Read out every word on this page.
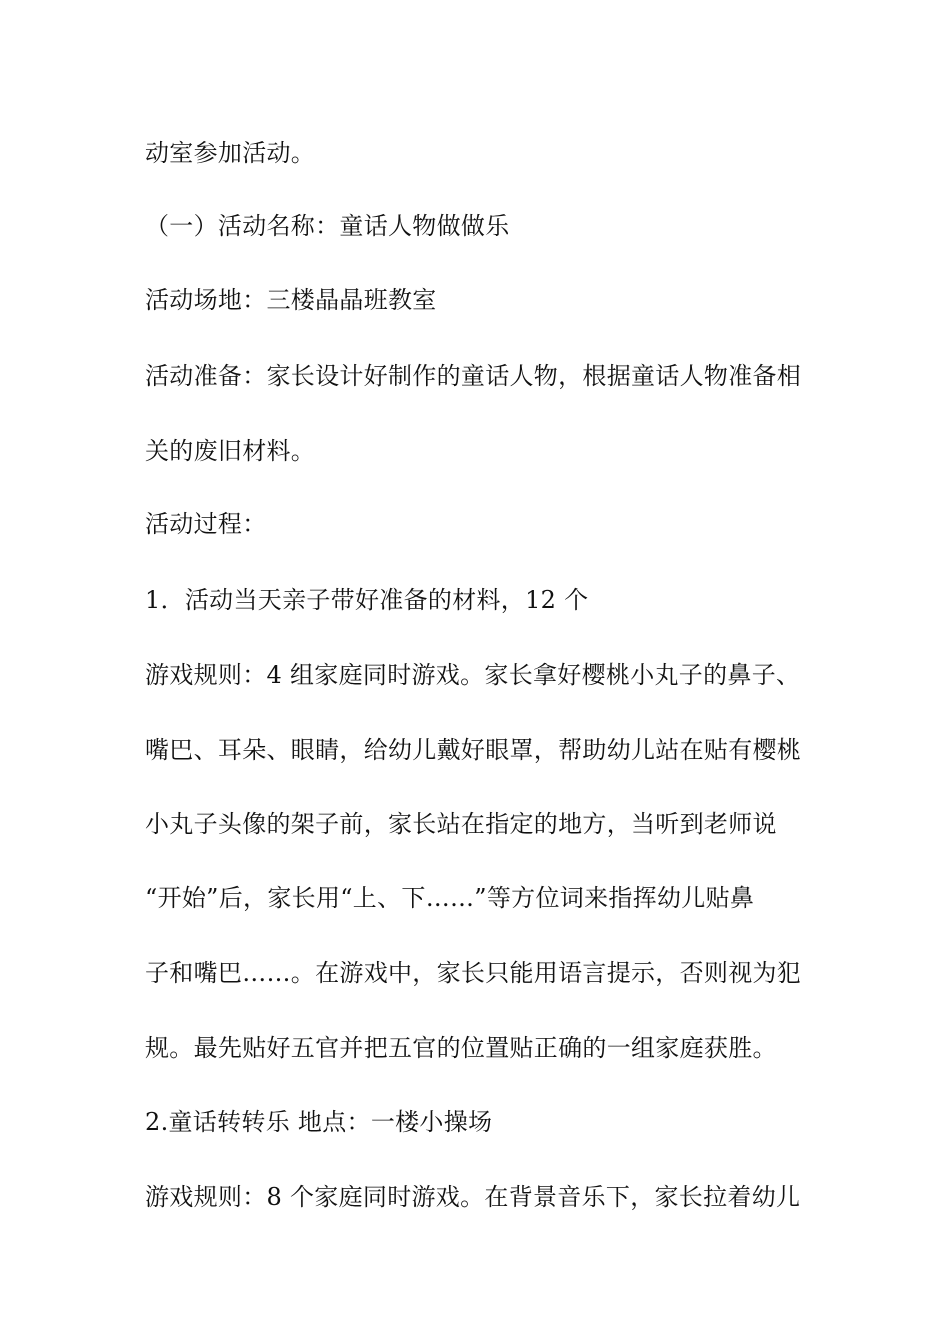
动室参加活动。
（一）活动名称：童话人物做做乐
活动场地：三楼晶晶班教室
活动准备：家长设计好制作的童话人物，根据童话人物准备相
关的废旧材料。
活动过程：
1．活动当天亲子带好准备的材料，12 个
游戏规则：4 组家庭同时游戏。家长拿好樱桃小丸子的鼻子、
嘴巴、耳朵、眼睛，给幼儿戴好眼罩，帮助幼儿站在贴有樱桃
小丸子头像的架子前，家长站在指定的地方，当听到老师说
“开始”后，家长用“上、下……”等方位词来指挥幼儿贴鼻
子和嘴巴……。在游戏中，家长只能用语言提示，否则视为犯
规。最先贴好五官并把五官的位置贴正确的一组家庭获胜。
2.童话转转乐 地点：一楼小操场
游戏规则：8 个家庭同时游戏。在背景音乐下，家长拉着幼儿
